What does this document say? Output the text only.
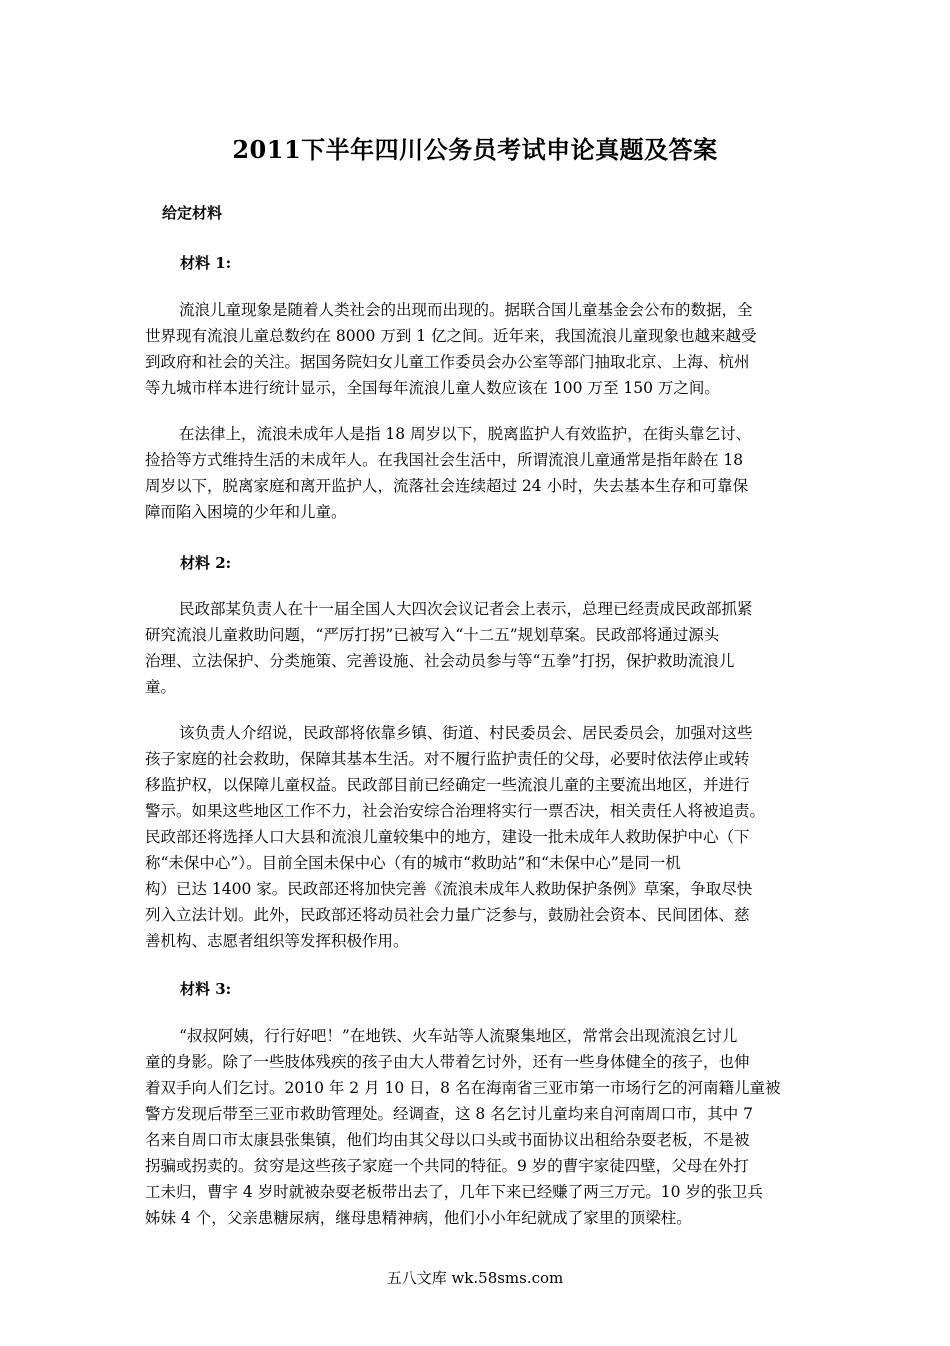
2011下半年四川公务员考试申论真题及答案
给定材料
材料 1:
流浪儿童现象是随着人类社会的出现而出现的。据联合国儿童基金会公布的数据，全
世界现有流浪儿童总数约在 8000 万到 1 亿之间。近年来，我国流浪儿童现象也越来越受
到政府和社会的关注。据国务院妇女儿童工作委员会办公室等部门抽取北京、上海、杭州
等九城市样本进行统计显示，全国每年流浪儿童人数应该在 100 万至 150 万之间。
在法律上，流浪未成年人是指 18 周岁以下，脱离监护人有效监护，在街头靠乞讨、
捡拾等方式维持生活的未成年人。在我国社会生活中，所谓流浪儿童通常是指年龄在 18
周岁以下，脱离家庭和离开监护人，流落社会连续超过 24 小时，失去基本生存和可靠保
障而陷入困境的少年和儿童。
材料 2:
民政部某负责人在十一届全国人大四次会议记者会上表示，总理已经责成民政部抓紧
研究流浪儿童救助问题，“严厉打拐”已被写入“十二五”规划草案。民政部将通过源头
治理、立法保护、分类施策、完善设施、社会动员参与等“五拳”打拐，保护救助流浪儿
童。
该负责人介绍说，民政部将依靠乡镇、街道、村民委员会、居民委员会，加强对这些
孩子家庭的社会救助，保障其基本生活。对不履行监护责任的父母，必要时依法停止或转
移监护权，以保障儿童权益。民政部目前已经确定一些流浪儿童的主要流出地区，并进行
警示。如果这些地区工作不力，社会治安综合治理将实行一票否决，相关责任人将被追责。
民政部还将选择人口大县和流浪儿童较集中的地方，建设一批未成年人救助保护中心（下
称“未保中心”）。目前全国未保中心（有的城市“救助站”和“未保中心”是同一机
构）已达 1400 家。民政部还将加快完善《流浪未成年人救助保护条例》草案，争取尽快
列入立法计划。此外，民政部还将动员社会力量广泛参与，鼓励社会资本、民间团体、慈
善机构、志愿者组织等发挥积极作用。
材料 3:
“叔叔阿姨，行行好吧！”在地铁、火车站等人流聚集地区，常常会出现流浪乞讨儿
童的身影。除了一些肢体残疾的孩子由大人带着乞讨外，还有一些身体健全的孩子，也伸
着双手向人们乞讨。2010 年 2 月 10 日，8 名在海南省三亚市第一市场行乞的河南籍儿童被
警方发现后带至三亚市救助管理处。经调查，这 8 名乞讨儿童均来自河南周口市，其中 7
名来自周口市太康县张集镇，他们均由其父母以口头或书面协议出租给杂耍老板，不是被
拐骗或拐卖的。贫穷是这些孩子家庭一个共同的特征。9 岁的曹宇家徒四壁，父母在外打
工未归，曹宇 4 岁时就被杂耍老板带出去了，几年下来已经赚了两三万元。10 岁的张卫兵
姊妹 4 个，父亲患糖尿病，继母患精神病，他们小小年纪就成了家里的顶梁柱。
五八文库 wk.58sms.com
